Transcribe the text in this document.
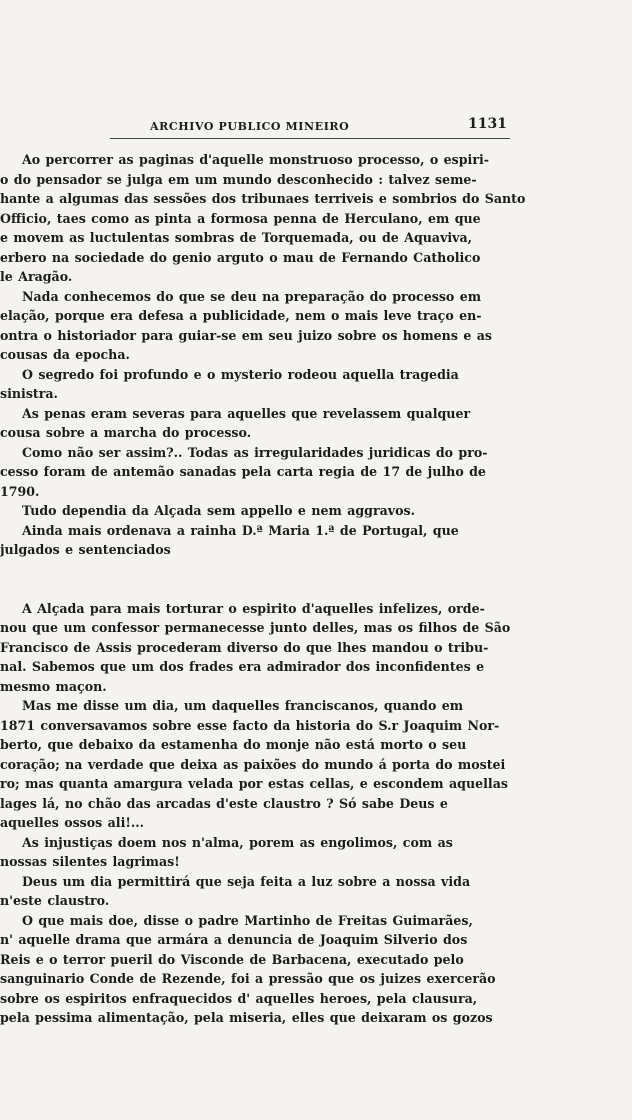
ARCHIVO PUBLICO MINEIRO	1131
Ao percorrer as paginas d'aquelle monstruoso processo, o espiri-
o do pensador se julga em um mundo desconhecido : talvez seme-
hante a algumas das sessões dos tribunaes terriveis e sombrios do Santo
Officio, taes como as pinta a formosa penna de Herculano, em que
e movem as luctulentas sombras de Torquemada, ou de Aquaviva,
erbero na sociedade do genio arguto o mau de Fernando Catholico
le Aragão.
Nada conhecemos do que se deu na preparação do processo em
elação, porque era defesa a publicidade, nem o mais leve traço en-
ontra o historiador para guiar-se em seu juizo sobre os homens e as
cousas da epocha.
O segredo foi profundo e o mysterio rodeou aquella tragedia
sinistra.
As penas eram severas para aquelles que revelassem qualquer
cousa sobre a marcha do processo.
Como não ser assim?.. Todas as irregularidades juridicas do pro-
cesso foram de antemão sanadas pela carta regia de 17 de julho de
1790.
Tudo dependia da Alçada sem appello e nem aggravos.
Ainda mais ordenava a rainha D.ª Maria 1.ª de Portugal, que
julgados e sentenciados
A Alçada para mais torturar o espirito d'aquelles infelizes, orde-
nou que um confessor permanecesse junto delles, mas os filhos de São
Francisco de Assis procederam diverso do que lhes mandou o tribu-
nal. Sabemos que um dos frades era admirador dos inconfidentes e
mesmo maçon.
Mas me disse um dia, um daquelles franciscanos, quando em
1871 conversavamos sobre esse facto da historia do S.r Joaquim Nor-
berto, que debaixo da estamenha do monje não está morto o seu
coração; na verdade que deixa as paixões do mundo á porta do mostei
ro; mas quanta amargura velada por estas cellas, e escondem aquellas
lages lá, no chão das arcadas d'este claustro ? Só sabe Deus e
aquelles ossos ali!...
As injustiças doem nos n'alma, porem as engolimos, com as
nossas silentes lagrimas!
Deus um dia permittirá que seja feita a luz sobre a nossa vida
n'este claustro.
O que mais doe, disse o padre Martinho de Freitas Guimarães,
n' aquelle drama que armára a denuncia de Joaquim Silverio dos
Reis e o terror pueril do Visconde de Barbacena, executado pelo
sanguinario Conde de Rezende, foi a pressão que os juizes exercerão
sobre os espiritos enfraquecidos d' aquelles heroes, pela clausura,
pela pessima alimentação, pela miseria, elles que deixaram os gozos
